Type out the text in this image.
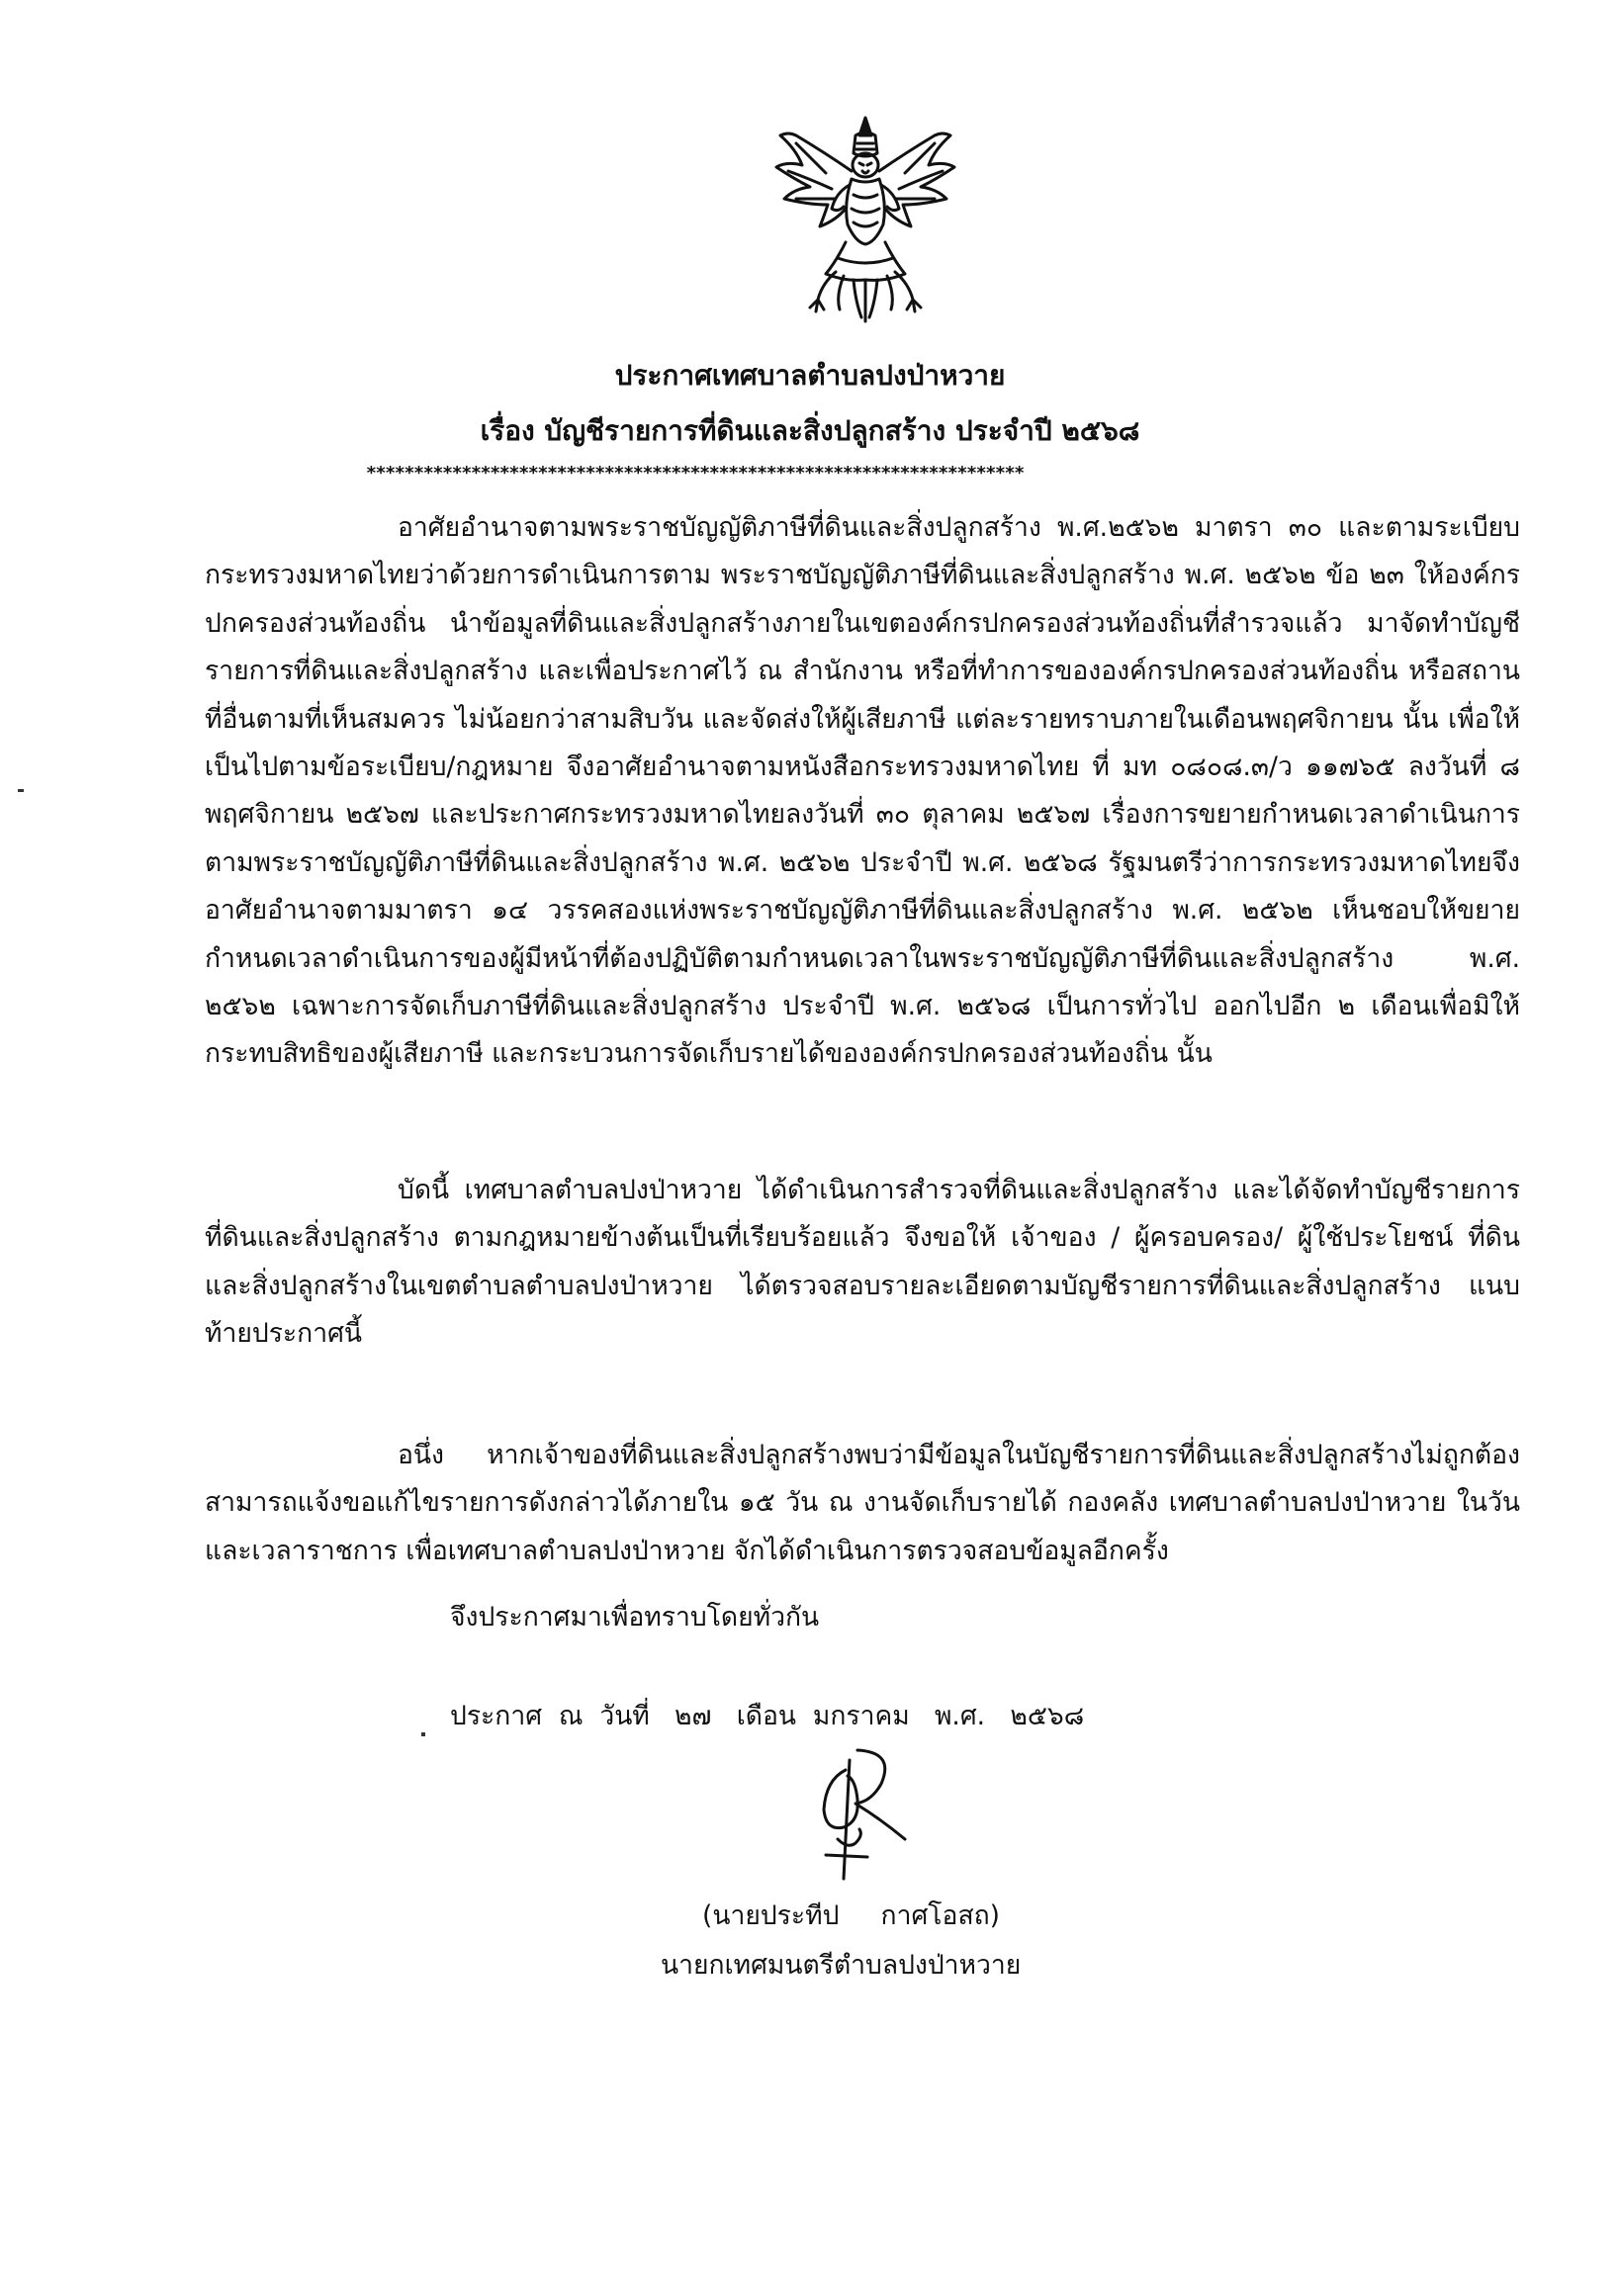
ประกาศเทศบาลตำบลปงป่าหวาย
เรื่อง บัญชีรายการที่ดินและสิ่งปลูกสร้าง ประจำปี ๒๕๖๘
*********************************************************************
อาศัยอำนาจตามพระราชบัญญัติภาษีที่ดินและสิ่งปลูกสร้าง พ.ศ.๒๕๖๒ มาตรา ๓๐ และตามระเบียบกระทรวงมหาดไทยว่าด้วยการดำเนินการตาม พระราชบัญญัติภาษีที่ดินและสิ่งปลูกสร้าง พ.ศ. ๒๕๖๒ ข้อ ๒๓ ให้องค์กรปกครองส่วนท้องถิ่น นำข้อมูลที่ดินและสิ่งปลูกสร้างภายในเขตองค์กรปกครองส่วนท้องถิ่นที่สำรวจแล้ว มาจัดทำบัญชีรายการที่ดินและสิ่งปลูกสร้าง และเพื่อประกาศไว้ ณ สำนักงาน หรือที่ทำการขององค์กรปกครองส่วนท้องถิ่น หรือสถานที่อื่นตามที่เห็นสมควร ไม่น้อยกว่าสามสิบวัน และจัดส่งให้ผู้เสียภาษี แต่ละรายทราบภายในเดือนพฤศจิกายน นั้น เพื่อให้เป็นไปตามข้อระเบียบ/กฎหมาย จึงอาศัยอำนาจตามหนังสือกระทรวงมหาดไทย ที่ มท ๐๘๐๘.๓/ว ๑๑๗๖๕ ลงวันที่ ๘ พฤศจิกายน ๒๕๖๗ และประกาศกระทรวงมหาดไทยลงวันที่ ๓๐ ตุลาคม ๒๕๖๗ เรื่องการขยายกำหนดเวลาดำเนินการตามพระราชบัญญัติภาษีที่ดินและสิ่งปลูกสร้าง พ.ศ. ๒๕๖๒ ประจำปี พ.ศ. ๒๕๖๘ รัฐมนตรีว่าการกระทรวงมหาดไทยจึงอาศัยอำนาจตามมาตรา ๑๔ วรรคสองแห่งพระราชบัญญัติภาษีที่ดินและสิ่งปลูกสร้าง พ.ศ. ๒๕๖๒ เห็นชอบให้ขยายกำหนดเวลาดำเนินการของผู้มีหน้าที่ต้องปฏิบัติตามกำหนดเวลาในพระราชบัญญัติภาษีที่ดินและสิ่งปลูกสร้าง พ.ศ. ๒๕๖๒ เฉพาะการจัดเก็บภาษีที่ดินและสิ่งปลูกสร้าง ประจำปี พ.ศ. ๒๕๖๘ เป็นการทั่วไป ออกไปอีก ๒ เดือนเพื่อมิให้กระทบสิทธิของผู้เสียภาษี และกระบวนการจัดเก็บรายได้ขององค์กรปกครองส่วนท้องถิ่น นั้น
บัดนี้ เทศบาลตำบลปงป่าหวาย ได้ดำเนินการสำรวจที่ดินและสิ่งปลูกสร้าง และได้จัดทำบัญชีรายการที่ดินและสิ่งปลูกสร้าง ตามกฎหมายข้างต้นเป็นที่เรียบร้อยแล้ว จึงขอให้ เจ้าของ / ผู้ครอบครอง/ ผู้ใช้ประโยชน์ ที่ดินและสิ่งปลูกสร้างในเขตตำบลตำบลปงป่าหวาย ได้ตรวจสอบรายละเอียดตามบัญชีรายการที่ดินและสิ่งปลูกสร้าง แนบท้ายประกาศนี้
อนึ่ง หากเจ้าของที่ดินและสิ่งปลูกสร้างพบว่ามีข้อมูลในบัญชีรายการที่ดินและสิ่งปลูกสร้างไม่ถูกต้อง สามารถแจ้งขอแก้ไขรายการดังกล่าวได้ภายใน ๑๕ วัน ณ งานจัดเก็บรายได้ กองคลัง เทศบาลตำบลปงป่าหวาย ในวันและเวลาราชการ เพื่อเทศบาลตำบลปงป่าหวาย จักได้ดำเนินการตรวจสอบข้อมูลอีกครั้ง
จึงประกาศมาเพื่อทราบโดยทั่วกัน
ประกาศ  ณ  วันที่   ๒๗   เดือน  มกราคม   พ.ศ.   ๒๕๖๘
(นายประทีป     กาศโอสถ)
นายกเทศมนตรีตำบลปงป่าหวาย
